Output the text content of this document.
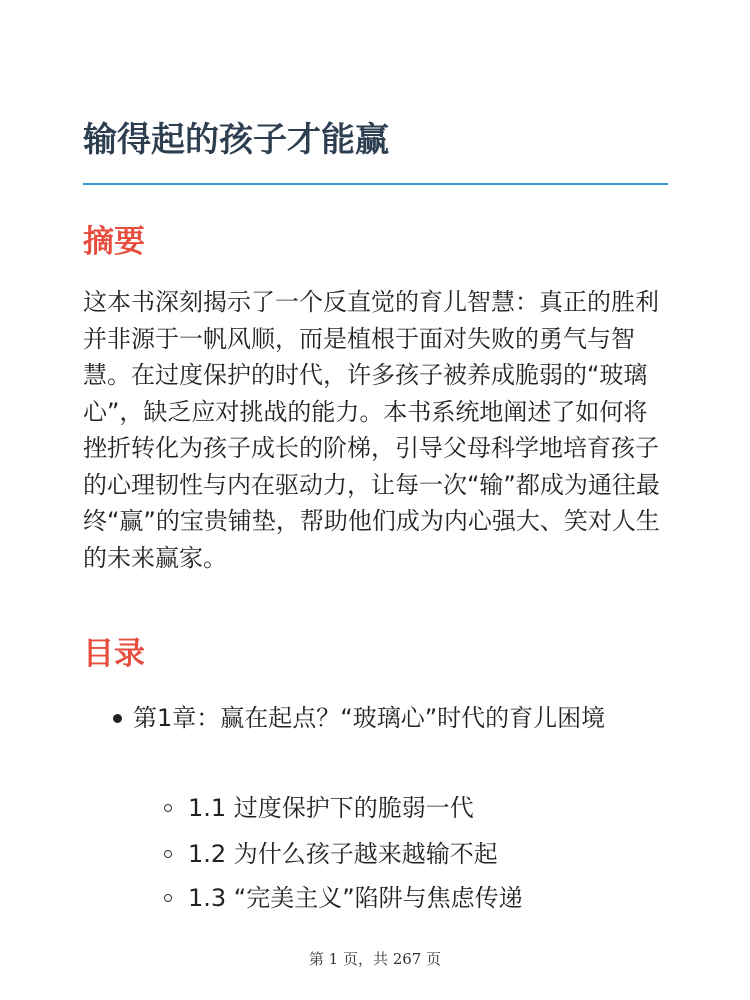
输得起的孩子才能赢
摘要

这本书深刻揭示了一个反直觉的育儿智慧：真正的胜利并非源于一帆风顺，而是植根于面对失败的勇气与智慧。在过度保护的时代，许多孩子被养成脆弱的“玻璃心”，缺乏应对挑战的能力。本书系统地阐述了如何将挫折转化为孩子成长的阶梯，引导父母科学地培育孩子的心理韧性与内在驱动力，让每一次“输”都成为通往最终“赢”的宝贵铺垫，帮助他们成为内心强大、笑对人生的未来赢家。

目录
第1章：赢在起点？“玻璃心”时代的育儿困境
1.1 过度保护下的脆弱一代
1.2 为什么孩子越来越输不起
1.3 “完美主义”陷阱与焦虑传递
第 1 页，共 267 页
